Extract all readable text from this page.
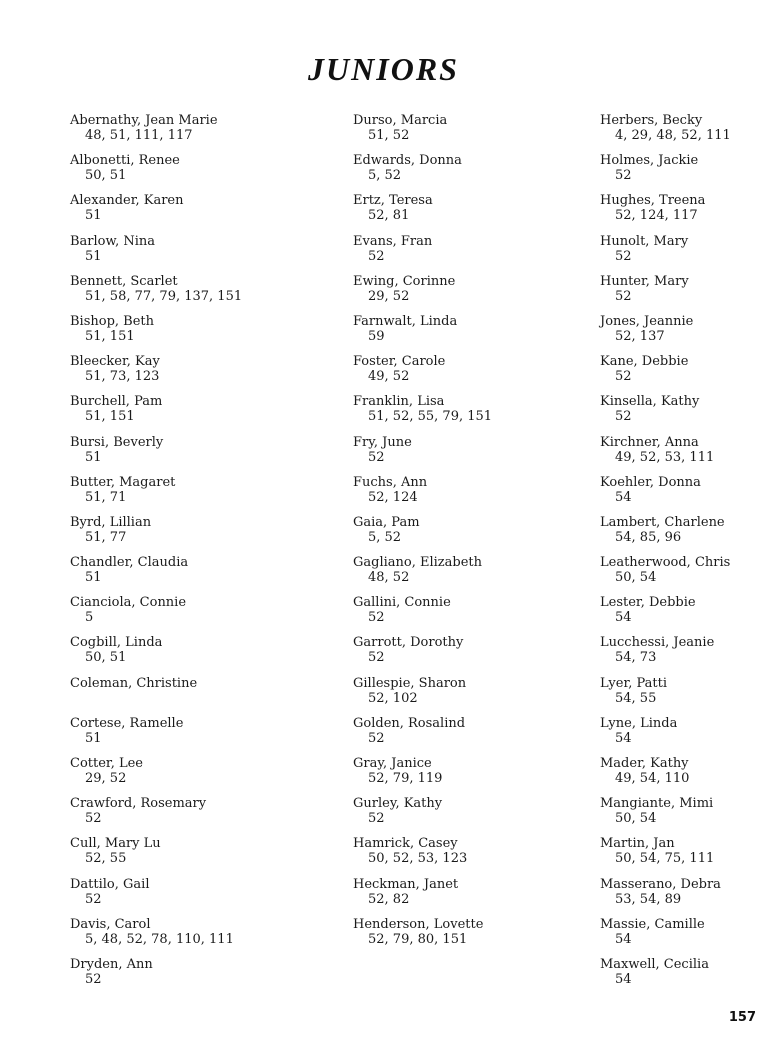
JUNIORS
Abernathy, Jean Marie
48, 51, 111, 117
Albonetti, Renee
50, 51
Alexander, Karen
51
Barlow, Nina
51
Bennett, Scarlet
51, 58, 77, 79, 137, 151
Bishop, Beth
51, 151
Bleecker, Kay
51, 73, 123
Burchell, Pam
51, 151
Bursi, Beverly
51
Butter, Magaret
51, 71
Byrd, Lillian
51, 77
Chandler, Claudia
51
Cianciola, Connie
5
Cogbill, Linda
50, 51
Coleman, Christine
Cortese, Ramelle
51
Cotter, Lee
29, 52
Crawford, Rosemary
52
Cull, Mary Lu
52, 55
Dattilo, Gail
52
Davis, Carol
5, 48, 52, 78, 110, 111
Dryden, Ann
52
Durso, Marcia
51, 52
Edwards, Donna
5, 52
Ertz, Teresa
52, 81
Evans, Fran
52
Ewing, Corinne
29, 52
Farnwalt, Linda
59
Foster, Carole
49, 52
Franklin, Lisa
51, 52, 55, 79, 151
Fry, June
52
Fuchs, Ann
52, 124
Gaia, Pam
5, 52
Gagliano, Elizabeth
48, 52
Gallini, Connie
52
Garrott, Dorothy
52
Gillespie, Sharon
52, 102
Golden, Rosalind
52
Gray, Janice
52, 79, 119
Gurley, Kathy
52
Hamrick, Casey
50, 52, 53, 123
Heckman, Janet
52, 82
Henderson, Lovette
52, 79, 80, 151
Herbers, Becky
4, 29, 48, 52, 111
Holmes, Jackie
52
Hughes, Treena
52, 124, 117
Hunolt, Mary
52
Hunter, Mary
52
Jones, Jeannie
52, 137
Kane, Debbie
52
Kinsella, Kathy
52
Kirchner, Anna
49, 52, 53, 111
Koehler, Donna
54
Lambert, Charlene
54, 85, 96
Leatherwood, Chris
50, 54
Lester, Debbie
54
Lucchessi, Jeanie
54, 73
Lyer, Patti
54, 55
Lyne, Linda
54
Mader, Kathy
49, 54, 110
Mangiante, Mimi
50, 54
Martin, Jan
50, 54, 75, 111
Masserano, Debra
53, 54, 89
Massie, Camille
54
Maxwell, Cecilia
54
157
